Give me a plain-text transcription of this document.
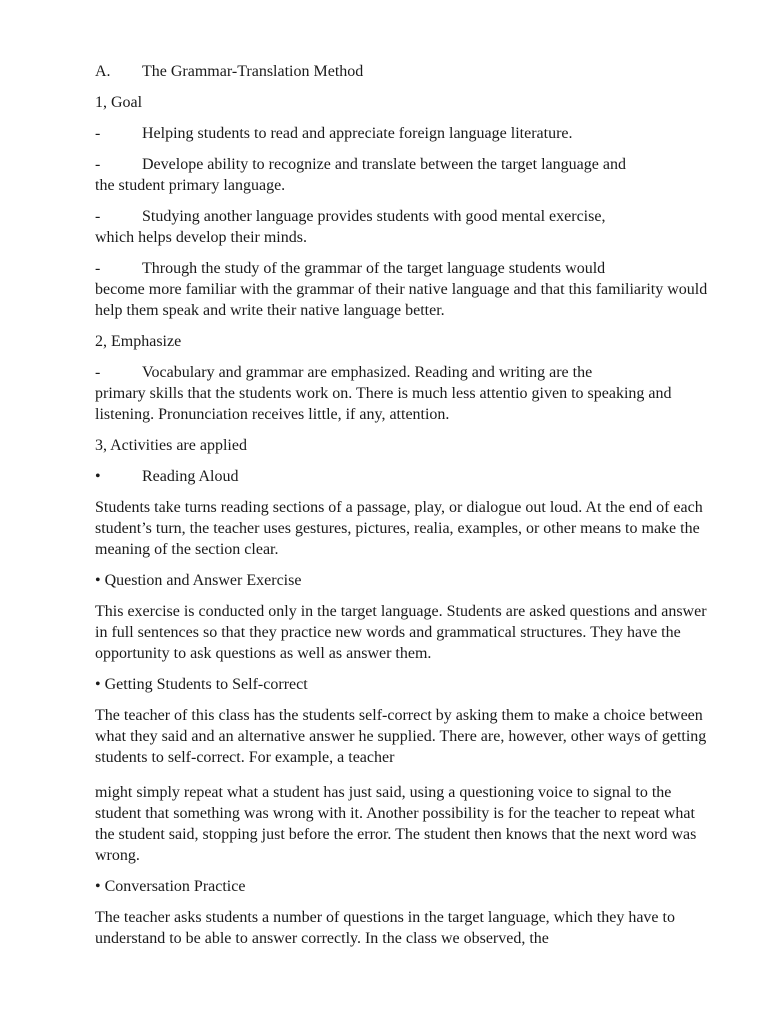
A. The Grammar-Translation Method

1, Goal

-	Helping students to read and appreciate foreign language literature.

-	Develope ability to recognize and translate between the target language and
the student primary language.

-	Studying another language provides students with good mental exercise,
which helps develop their minds.

-	Through the study of the grammar of the target language students would
become more familiar with the grammar of their native language and that this familiarity would help them speak and write their native language better.

2, Emphasize

-	Vocabulary and grammar are emphasized. Reading and writing are the
primary skills that the students work on. There is much less attentio given to speaking and listening. Pronunciation receives little, if any, attention.

3, Activities are applied

•	Reading Aloud

Students take turns reading sections of a passage, play, or dialogue out loud. At the end of each student’s turn, the teacher uses gestures, pictures, realia, examples, or other means to make the meaning of the section clear.

• Question and Answer Exercise

This exercise is conducted only in the target language. Students are asked questions and answer in full sentences so that they practice new words and grammatical structures. They have the opportunity to ask questions as well as answer them.

• Getting Students to Self-correct

The teacher of this class has the students self-correct by asking them to make a choice between what they said and an alternative answer he supplied. There are, however, other ways of getting students to self-correct. For example, a teacher

might simply repeat what a student has just said, using a questioning voice to signal to the student that something was wrong with it. Another possibility is for the teacher to repeat what the student said, stopping just before the error. The student then knows that the next word was wrong.

• Conversation Practice

The teacher asks students a number of questions in the target language, which they have to understand to be able to answer correctly. In the class we observed, the
